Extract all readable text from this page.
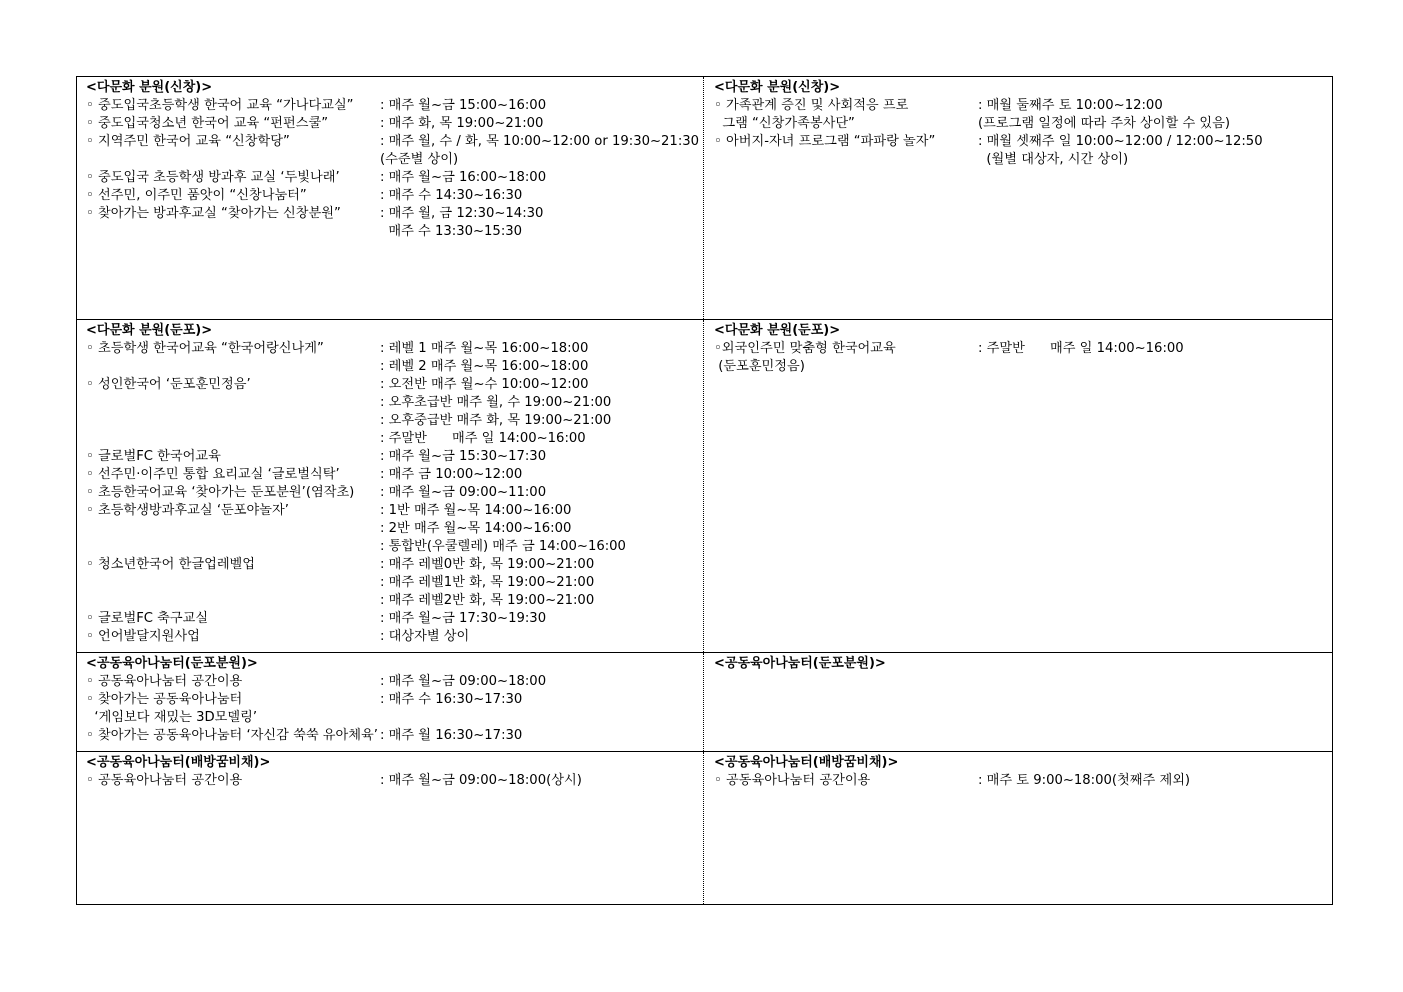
<다문화 분원(신창)>
◦ 중도입국초등학생 한국어 교육 “가나다교실”	: 매주 월~금 15:00~16:00
◦ 중도입국청소년 한국어 교육 “펀펀스쿨”	: 매주 화, 목 19:00~21:00
◦ 지역주민 한국어 교육 “신창학당”	: 매주 월, 수 / 화, 목 10:00~12:00 or 19:30~21:30
(수준별 상이)
◦ 중도입국 초등학생 방과후 교실 ‘두빛나래’	: 매주 월~금 16:00~18:00
◦ 선주민, 이주민 품앗이 “신창나눔터”	: 매주 수 14:30~16:30
◦ 찾아가는 방과후교실 “찾아가는 신창분원”	: 매주 월, 금 12:30~14:30
매주 수 13:30~15:30
<다문화 분원(신창)>
◦ 가족관계 증진 및 사회적응 프로	: 매월 둘째주 토 10:00~12:00
그램 “신창가족봉사단”	(프로그램 일정에 따라 주차 상이할 수 있음)
◦ 아버지-자녀 프로그램 “파파랑 놀자”	: 매월 셋째주 일 10:00~12:00 / 12:00~12:50
(월별 대상자, 시간 상이)
<다문화 분원(둔포)>
◦ 초등학생 한국어교육 “한국어랑신나게”	: 레벨 1 매주 월~목 16:00~18:00
: 레벨 2 매주 월~목 16:00~18:00
◦ 성인한국어 ‘둔포훈민정음’	: 오전반 매주 월~수 10:00~12:00
: 오후초급반 매주 월, 수 19:00~21:00
: 오후중급반 매주 화, 목 19:00~21:00
: 주말반      매주 일 14:00~16:00
◦ 글로벌FC 한국어교육	: 매주 월~금 15:30~17:30
◦ 선주민·이주민 통합 요리교실 ‘글로벌식탁’	: 매주 금 10:00~12:00
◦ 초등한국어교육 ‘찾아가는 둔포분원’(염작초)	: 매주 월~금 09:00~11:00
◦ 초등학생방과후교실 ‘둔포야놀자’	: 1반 매주 월~목 14:00~16:00
: 2반 매주 월~목 14:00~16:00
: 통합반(우쿨렐레) 매주 금 14:00~16:00
◦ 청소년한국어 한글업레벨업	: 매주 레벨0반 화, 목 19:00~21:00
: 매주 레벨1반 화, 목 19:00~21:00
: 매주 레벨2반 화, 목 19:00~21:00
◦ 글로벌FC 축구교실	: 매주 월~금 17:30~19:30
◦ 언어발달지원사업	: 대상자별 상이
<다문화 분원(둔포)>
◦외국인주민 맞춤형 한국어교육	: 주말반      매주 일 14:00~16:00
(둔포훈민정음)
<공동육아나눔터(둔포분원)>
◦ 공동육아나눔터 공간이용	: 매주 월~금 09:00~18:00
◦ 찾아가는 공동육아나눔터	: 매주 수 16:30~17:30
‘게임보다 재밌는 3D모델링’
◦ 찾아가는 공동육아나눔터 ‘자신감 쑥쑥 유아체육’ : 매주 월 16:30~17:30
<공동육아나눔터(둔포분원)>
<공동육아나눔터(배방꿈비채)>
◦ 공동육아나눔터 공간이용	: 매주 월~금 09:00~18:00(상시)
<공동육아나눔터(배방꿈비채)>
◦ 공동육아나눔터 공간이용	: 매주 토 9:00~18:00(첫째주 제외)
